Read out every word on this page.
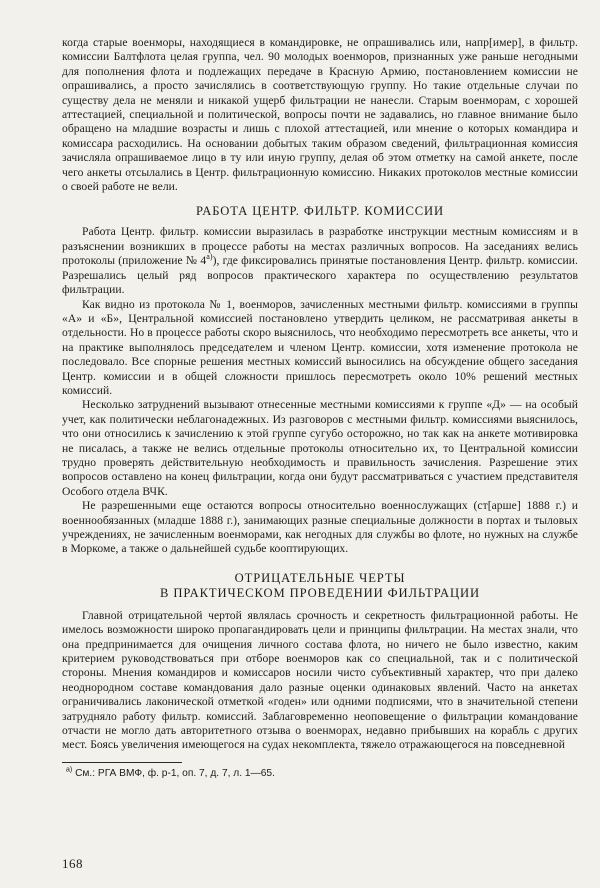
когда старые военморы, находящиеся в командировке, не опрашивались или, напр[имер], в фильтр. комиссии Балтфлота целая группа, чел. 90 молодых военморов, признанных уже раньше негодными для пополнения флота и подлежащих передаче в Красную Армию, постановлением комиссии не опрашивались, а просто зачислялись в соответствующую группу. Но такие отдельные случаи по существу дела не меняли и никакой ущерб фильтрации не нанесли. Старым военморам, с хорошей аттестацией, специальной и политической, вопросы почти не задавались, но главное внимание было обращено на младшие возрасты и лишь с плохой аттестацией, или мнение о которых командира и комиссара расходились. На основании добытых таким образом сведений, фильтрационная комиссия зачисляла опрашиваемое лицо в ту или иную группу, делая об этом отметку на самой анкете, после чего анкеты отсылались в Центр. фильтрационную комиссию. Никаких протоколов местные комиссии о своей работе не вели.

РАБОТА ЦЕНТР. ФИЛЬТР. КОМИССИИ

Работа Центр. фильтр. комиссии выразилась в разработке инструкции местным комиссиям и в разъяснении возникших в процессе работы на местах различных вопросов. На заседаниях велись протоколы (приложение № $4^{а)}$), где фиксировались принятые постановления Центр. фильтр. комиссии. Разрешались целый ряд вопросов практического характера по осуществлению результатов фильтрации.

Как видно из протокола № 1, военморов, зачисленных местными фильтр. комиссиями в группы «А» и «Б», Центральной комиссией постановлено утвердить целиком, не рассматривая анкеты в отдельности. Но в процессе работы скоро выяснилось, что необходимо пересмотреть все анкеты, что и на практике выполнялось председателем и членом Центр. комиссии, хотя изменение протокола не последовало. Все спорные решения местных комиссий выносились на обсуждение общего заседания Центр. комиссии и в общей сложности пришлось пересмотреть около 10% решений местных комиссий.

Несколько затруднений вызывают отнесенные местными комиссиями к группе «Д» — на особый учет, как политически неблагонадежных. Из разговоров с местными фильтр. комиссиями выяснилось, что они относились к зачислению к этой группе сугубо осторожно, но так как на анкете мотивировка не писалась, а также не велись отдельные протоколы относительно их, то Центральной комиссии трудно проверять действительную необходимость и правильность зачисления. Разрешение этих вопросов оставлено на конец фильтрации, когда они будут рассматриваться с участием представителя Особого отдела ВЧК.

Не разрешенными еще остаются вопросы относительно военнослужащих (ст[арше] 1888 г.) и военнообязанных (младше 1888 г.), занимающих разные специальные должности в портах и тыловых учреждениях, не зачисленным военморами, как негодных для службы во флоте, но нужных на службе в Моркоме, а также о дальнейшей судьбе кооптирующих.

ОТРИЦАТЕЛЬНЫЕ ЧЕРТЫ
В ПРАКТИЧЕСКОМ ПРОВЕДЕНИИ ФИЛЬТРАЦИИ

Главной отрицательной чертой являлась срочность и секретность фильтрационной работы. Не имелось возможности широко пропагандировать цели и принципы фильтрации. На местах знали, что она предпринимается для очищения личного состава флота, но ничего не было известно, каким критерием руководствоваться при отборе военморов как со специальной, так и с политической стороны. Мнения командиров и комиссаров носили чисто субъективный характер, что при далеко неоднородном составе командования дало разные оценки одинаковых явлений. Часто на анкетах ограничивались лаконической отметкой «годен» или одними подписями, что в значительной степени затрудняло работу фильтр. комиссий. Заблаговременно неоповещение о фильтрации командование отчасти не могло дать авторитетного отзыва о военморах, недавно прибывших на корабль с других мест. Боясь увеличения имеющегося на судах некомплекта, тяжело отражающегося на повседневной

$^{а)}$ См.: РГА ВМФ, ф. р-1, оп. 7, д. 7, л. 1—65.
168
